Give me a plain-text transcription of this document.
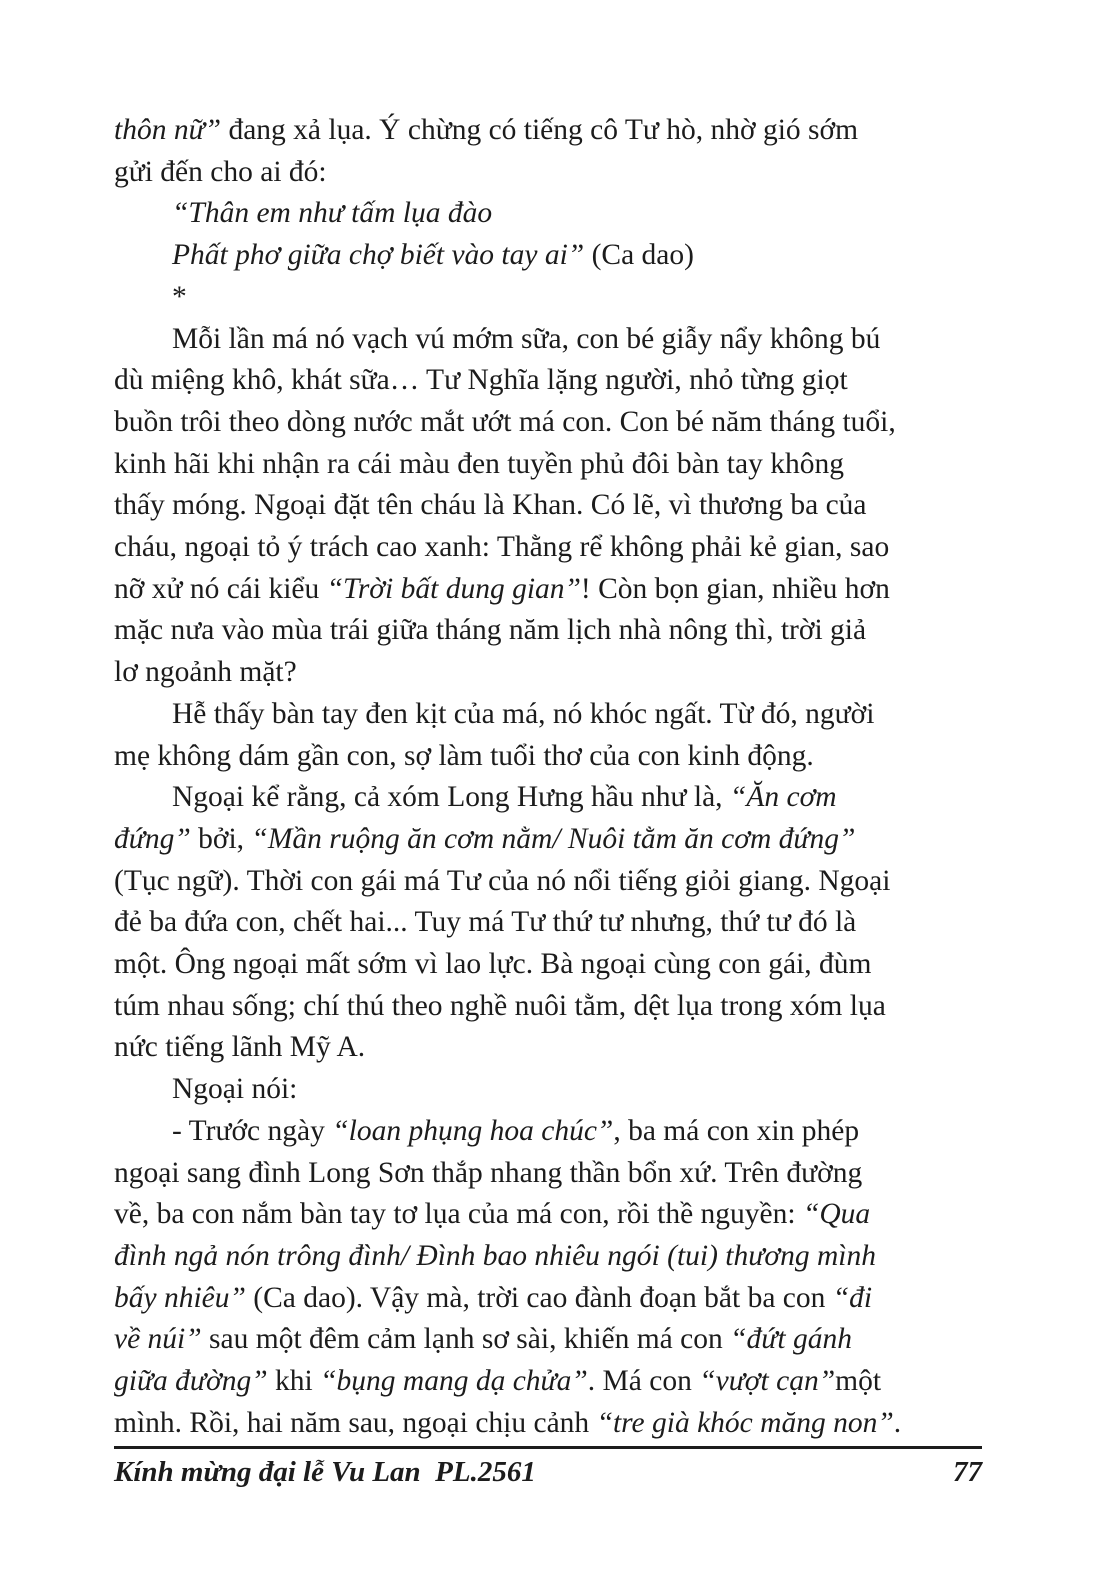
thôn nữ” đang xả lụa. Ý chừng có tiếng cô Tư hò, nhờ gió sớm

gửi đến cho ai đó:

“Thân em như tấm lụa đào

Phất phơ giữa chợ biết vào tay ai” (Ca dao)

*

Mỗi lần má nó vạch vú mớm sữa, con bé giẫy nẩy không bú

dù miệng khô, khát sữa… Tư Nghĩa lặng người, nhỏ từng giọt

buồn trôi theo dòng nước mắt ướt má con. Con bé năm tháng tuổi,

kinh hãi khi nhận ra cái màu đen tuyền phủ đôi bàn tay không

thấy móng. Ngoại đặt tên cháu là Khan. Có lẽ, vì thương ba của

cháu, ngoại tỏ ý trách cao xanh: Thằng rể không phải kẻ gian, sao

nỡ xử nó cái kiểu “Trời bất dung gian”! Còn bọn gian, nhiều hơn

mặc nưa vào mùa trái giữa tháng năm lịch nhà nông thì, trời giả

lơ ngoảnh mặt?

Hễ thấy bàn tay đen kịt của má, nó khóc ngất. Từ đó, người

mẹ không dám gần con, sợ làm tuổi thơ của con kinh động.

Ngoại kể rằng, cả xóm Long Hưng hầu như là, “Ăn cơm

đứng” bởi, “Mần ruộng ăn cơm nằm/ Nuôi tằm ăn cơm đứng”

(Tục ngữ). Thời con gái má Tư của nó nổi tiếng giỏi giang. Ngoại

đẻ ba đứa con, chết hai... Tuy má Tư thứ tư nhưng, thứ tư đó là

một. Ông ngoại mất sớm vì lao lực. Bà ngoại cùng con gái, đùm

túm nhau sống; chí thú theo nghề nuôi tằm, dệt lụa trong xóm lụa

nức tiếng lãnh Mỹ A.

Ngoại nói:

- Trước ngày “loan phụng hoa chúc”, ba má con xin phép

ngoại sang đình Long Sơn thắp nhang thần bổn xứ. Trên đường

về, ba con nắm bàn tay tơ lụa của má con, rồi thề nguyền: “Qua

đình ngả nón trông đình/ Đình bao nhiêu ngói (tui) thương mình

bấy nhiêu” (Ca dao). Vậy mà, trời cao đành đoạn bắt ba con “đi

về núi” sau một đêm cảm lạnh sơ sài, khiến má con “đứt gánh

giữa đường” khi “bụng mang dạ chửa”. Má con “vượt cạn”một

mình. Rồi, hai năm sau, ngoại chịu cảnh “tre già khóc măng non”.

Kính mừng đại lễ Vu Lan  PL.2561	77
